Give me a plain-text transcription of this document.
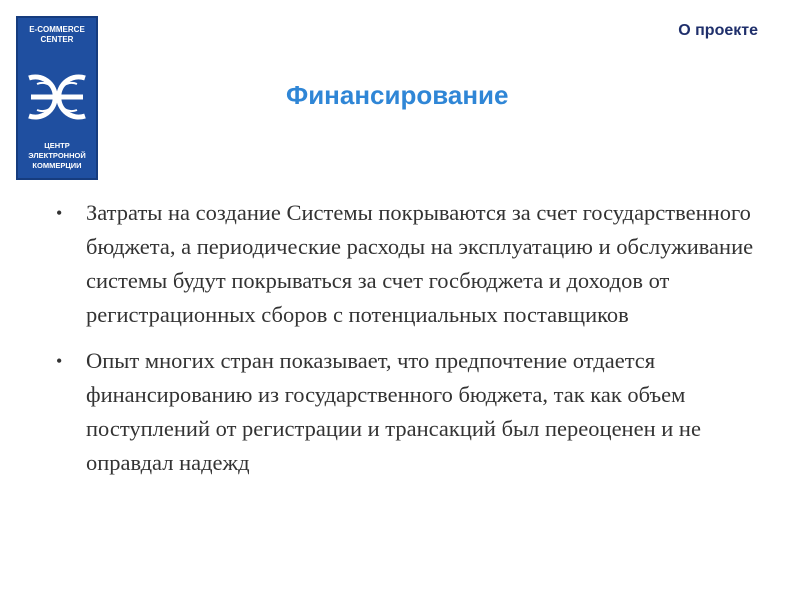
E-COMMERCE
CENTER
ЦЕНТР
ЭЛЕКТРОННОЙ
КОММЕРЦИИ
О проекте
Финансирование
• Затраты на создание Системы покрываются за счет государственного бюджета, а периодические расходы на эксплуатацию и обслуживание системы будут покрываться за счет госбюджета и доходов от регистрационных сборов с потенциальных поставщиков
• Опыт многих стран показывает, что предпочтение отдается финансированию из государственного бюджета, так как объем поступлений от регистрации и трансакций был переоценен и не оправдал надежд
